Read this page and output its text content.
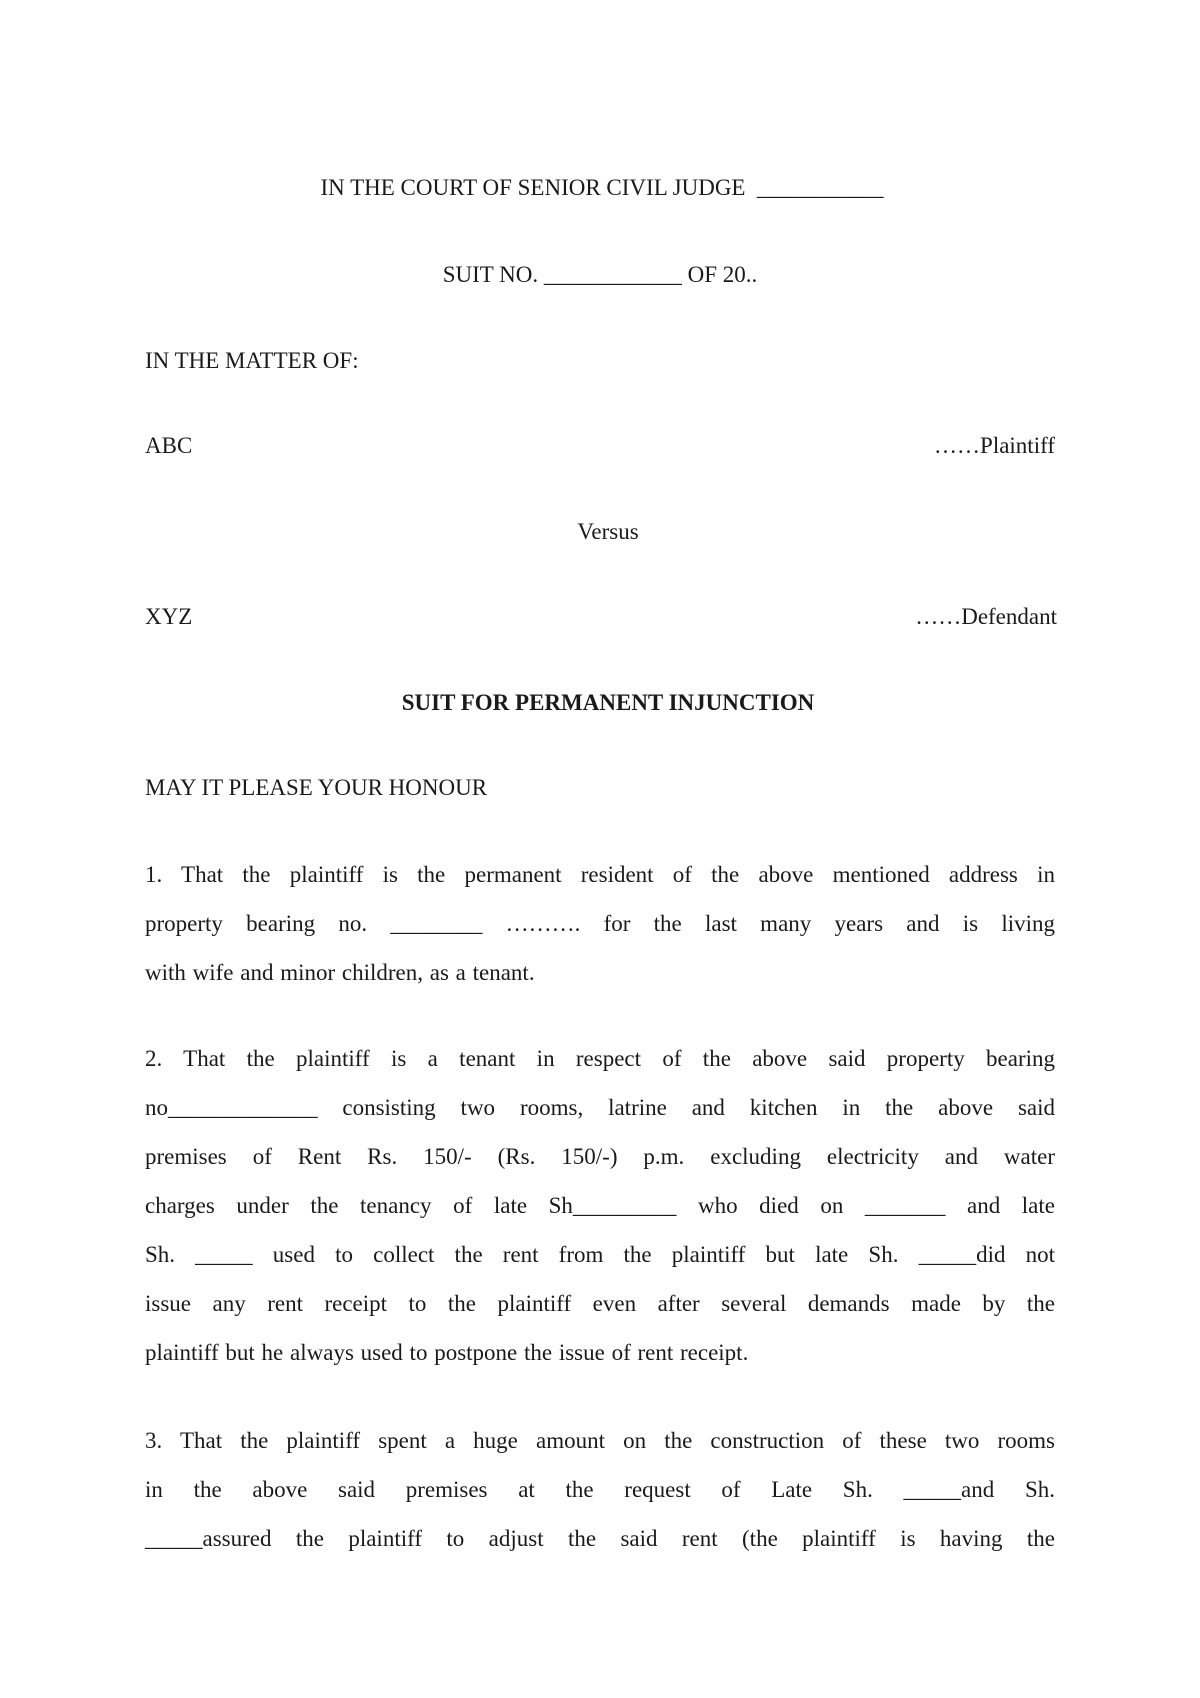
IN THE COURT OF SENIOR CIVIL JUDGE  ___________
SUIT NO. ____________ OF 20..
IN THE MATTER OF:
ABC	……Plaintiff
Versus
XYZ	……Defendant
SUIT FOR PERMANENT INJUNCTION
MAY IT PLEASE YOUR HONOUR
1. That the plaintiff is the permanent resident of the above mentioned address in
property bearing no. ________ ………. for the last many years and is living
with wife and minor children, as a tenant.
2. That the plaintiff is a tenant in respect of the above said property bearing
no_____________ consisting two rooms, latrine and kitchen in the above said
premises of Rent Rs. 150/- (Rs. 150/-) p.m. excluding electricity and water
charges under the tenancy of late Sh_________ who died on _______ and late
Sh. _____ used to collect the rent from the plaintiff but late Sh. _____did not
issue any rent receipt to the plaintiff even after several demands made by the
plaintiff but he always used to postpone the issue of rent receipt.
3. That the plaintiff spent a huge amount on the construction of these two rooms
in the above said premises at the request of Late Sh. _____and Sh.
_____assured the plaintiff to adjust the said rent (the plaintiff is having the
